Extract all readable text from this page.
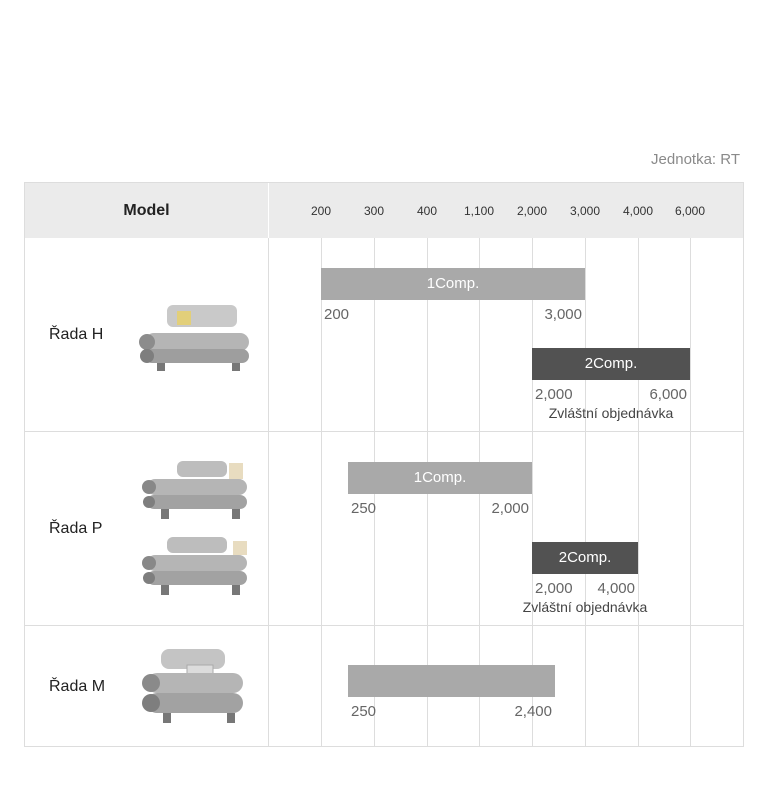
Jednotka: RT
Model	200	300	400	1,100	2,000	3,000	4,000	6,000
Řada H
1Comp.
200	3,000
2Comp.
2,000	6,000
Zvláštní objednávka
Řada P
1Comp.
250	2,000
2Comp.
2,000 4,000
Zvláštní objednávka
Řada M
250	2,400
